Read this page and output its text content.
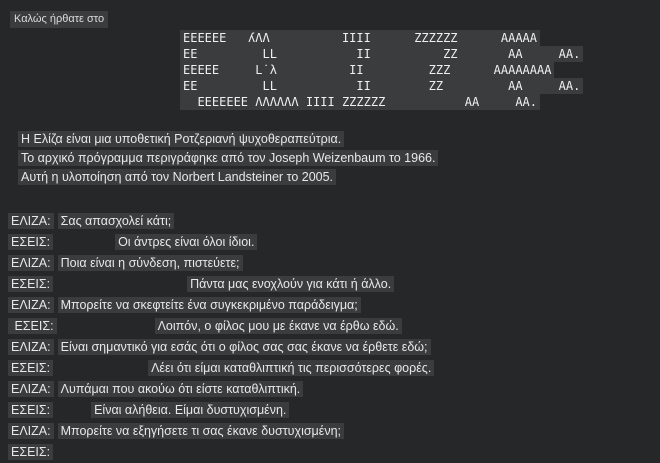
Καλώς ήρθατε στο
EEEEEE   ʎΛΛ          ΙΙΙΙ      ΖΖΖΖΖΖ      ΑΑΑΑΑ
ΕΕ         LL           ΙΙ          ΖΖ       ΑΑ     ΑΑ.
ΕΕΕΕΕ     L˙λ          ΙΙ         ΖΖΖ      ΑΑΑΑΑΑΑΑ
ΕΕ         LL           ΙΙ        ΖΖ         ΑΑ     ΑΑ.
ΕΕΕΕΕΕΕ ΛΛΛΛΛΛ ΙΙΙΙ ΖΖΖΖΖΖ           ΑΑ     ΑΑ.
Η Ελίζα είναι μια υποθετική Ροτζεριανή ψυχοθεραπεύτρια.
Το αρχικό πρόγραμμα περιγράφηκε από τον Joseph Weizenbaum το 1966.
Αυτή η υλοποίηση από τον Norbert Landsteiner το 2005.
ΕΛΙΖΑ: Σας απασχολεί κάτι;
ΕΣΕΙΣ:	Οι άντρες είναι όλοι ίδιοι.
ΕΛΙΖΑ: Ποια είναι η σύνδεση, πιστεύετε;
ΕΣΕΙΣ:	Πάντα μας ενοχλούν για κάτι ή άλλο.
ΕΛΙΖΑ: Μπορείτε να σκεφτείτε ένα συγκεκριμένο παράδειγμα;
ΕΣΕΙΣ:	Λοιπόν, ο φίλος μου με έκανε να έρθω εδώ.
ΕΛΙΖΑ: Είναι σημαντικό για εσάς ότι ο φίλος σας σας έκανε να έρθετε εδώ;
ΕΣΕΙΣ:	Λέει ότι είμαι καταθλιπτική τις περισσότερες φορές.
ΕΛΙΖΑ: Λυπάμαι που ακούω ότι είστε καταθλιπτική.
ΕΣΕΙΣ:	Είναι αλήθεια. Είμαι δυστυχισμένη.
ΕΛΙΖΑ: Μπορείτε να εξηγήσετε τι σας έκανε δυστυχισμένη;
ΕΣΕΙΣ:
